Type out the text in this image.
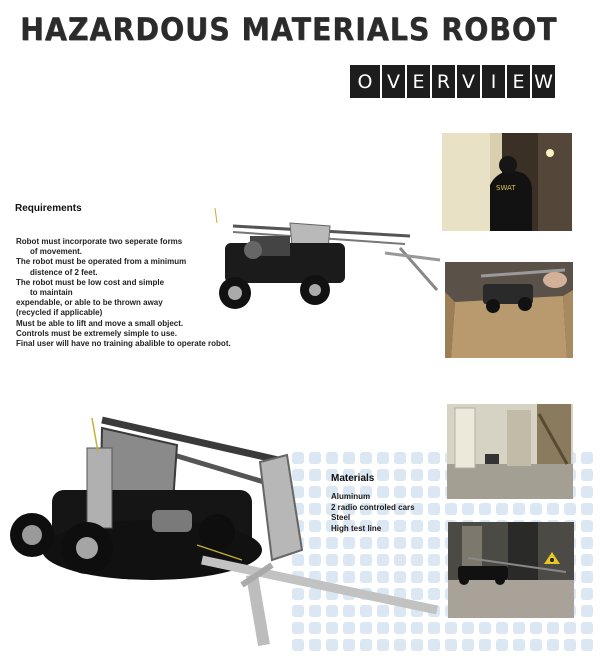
HAZARDOUS MATERIALS ROBOT
O V E R V I E W
SWAT
Requirements
Robot must incorporate two seperate forms
of movement.
The robot must be operated from a minimum
distence of 2 feet.
The robot must be low cost and simple
to maintain
expendable, or able to be thrown away
(recycled if applicable)
Must be able to lift and move a small object.
Controls must be extremely simple to use.
Final user will have no training abalible to operate robot.
Materials
Aluminum
2 radio controled cars
Steel
High test line
